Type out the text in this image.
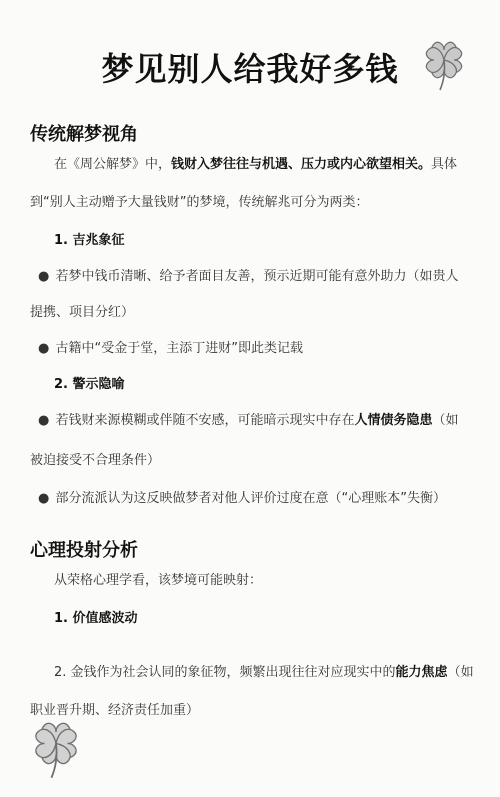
梦见别人给我好多钱
传统解梦视角

在《周公解梦》中，钱财入梦往往与机遇、压力或内心欲望相关。具体

到“别人主动赠予大量钱财”的梦境，传统解兆可分为两类：

1. 吉兆象征

● 若梦中钱币清晰、给予者面目友善，预示近期可能有意外助力（如贵人

提携、项目分红）

● 古籍中“受金于堂，主添丁进财”即此类记载

2. 警示隐喻

● 若钱财来源模糊或伴随不安感，可能暗示现实中存在人情债务隐患（如

被迫接受不合理条件）

● 部分流派认为这反映做梦者对他人评价过度在意（“心理账本”失衡）

心理投射分析

从荣格心理学看，该梦境可能映射：

1. 价值感波动

2. 金钱作为社会认同的象征物，频繁出现往往对应现实中的能力焦虑（如

职业晋升期、经济责任加重）
